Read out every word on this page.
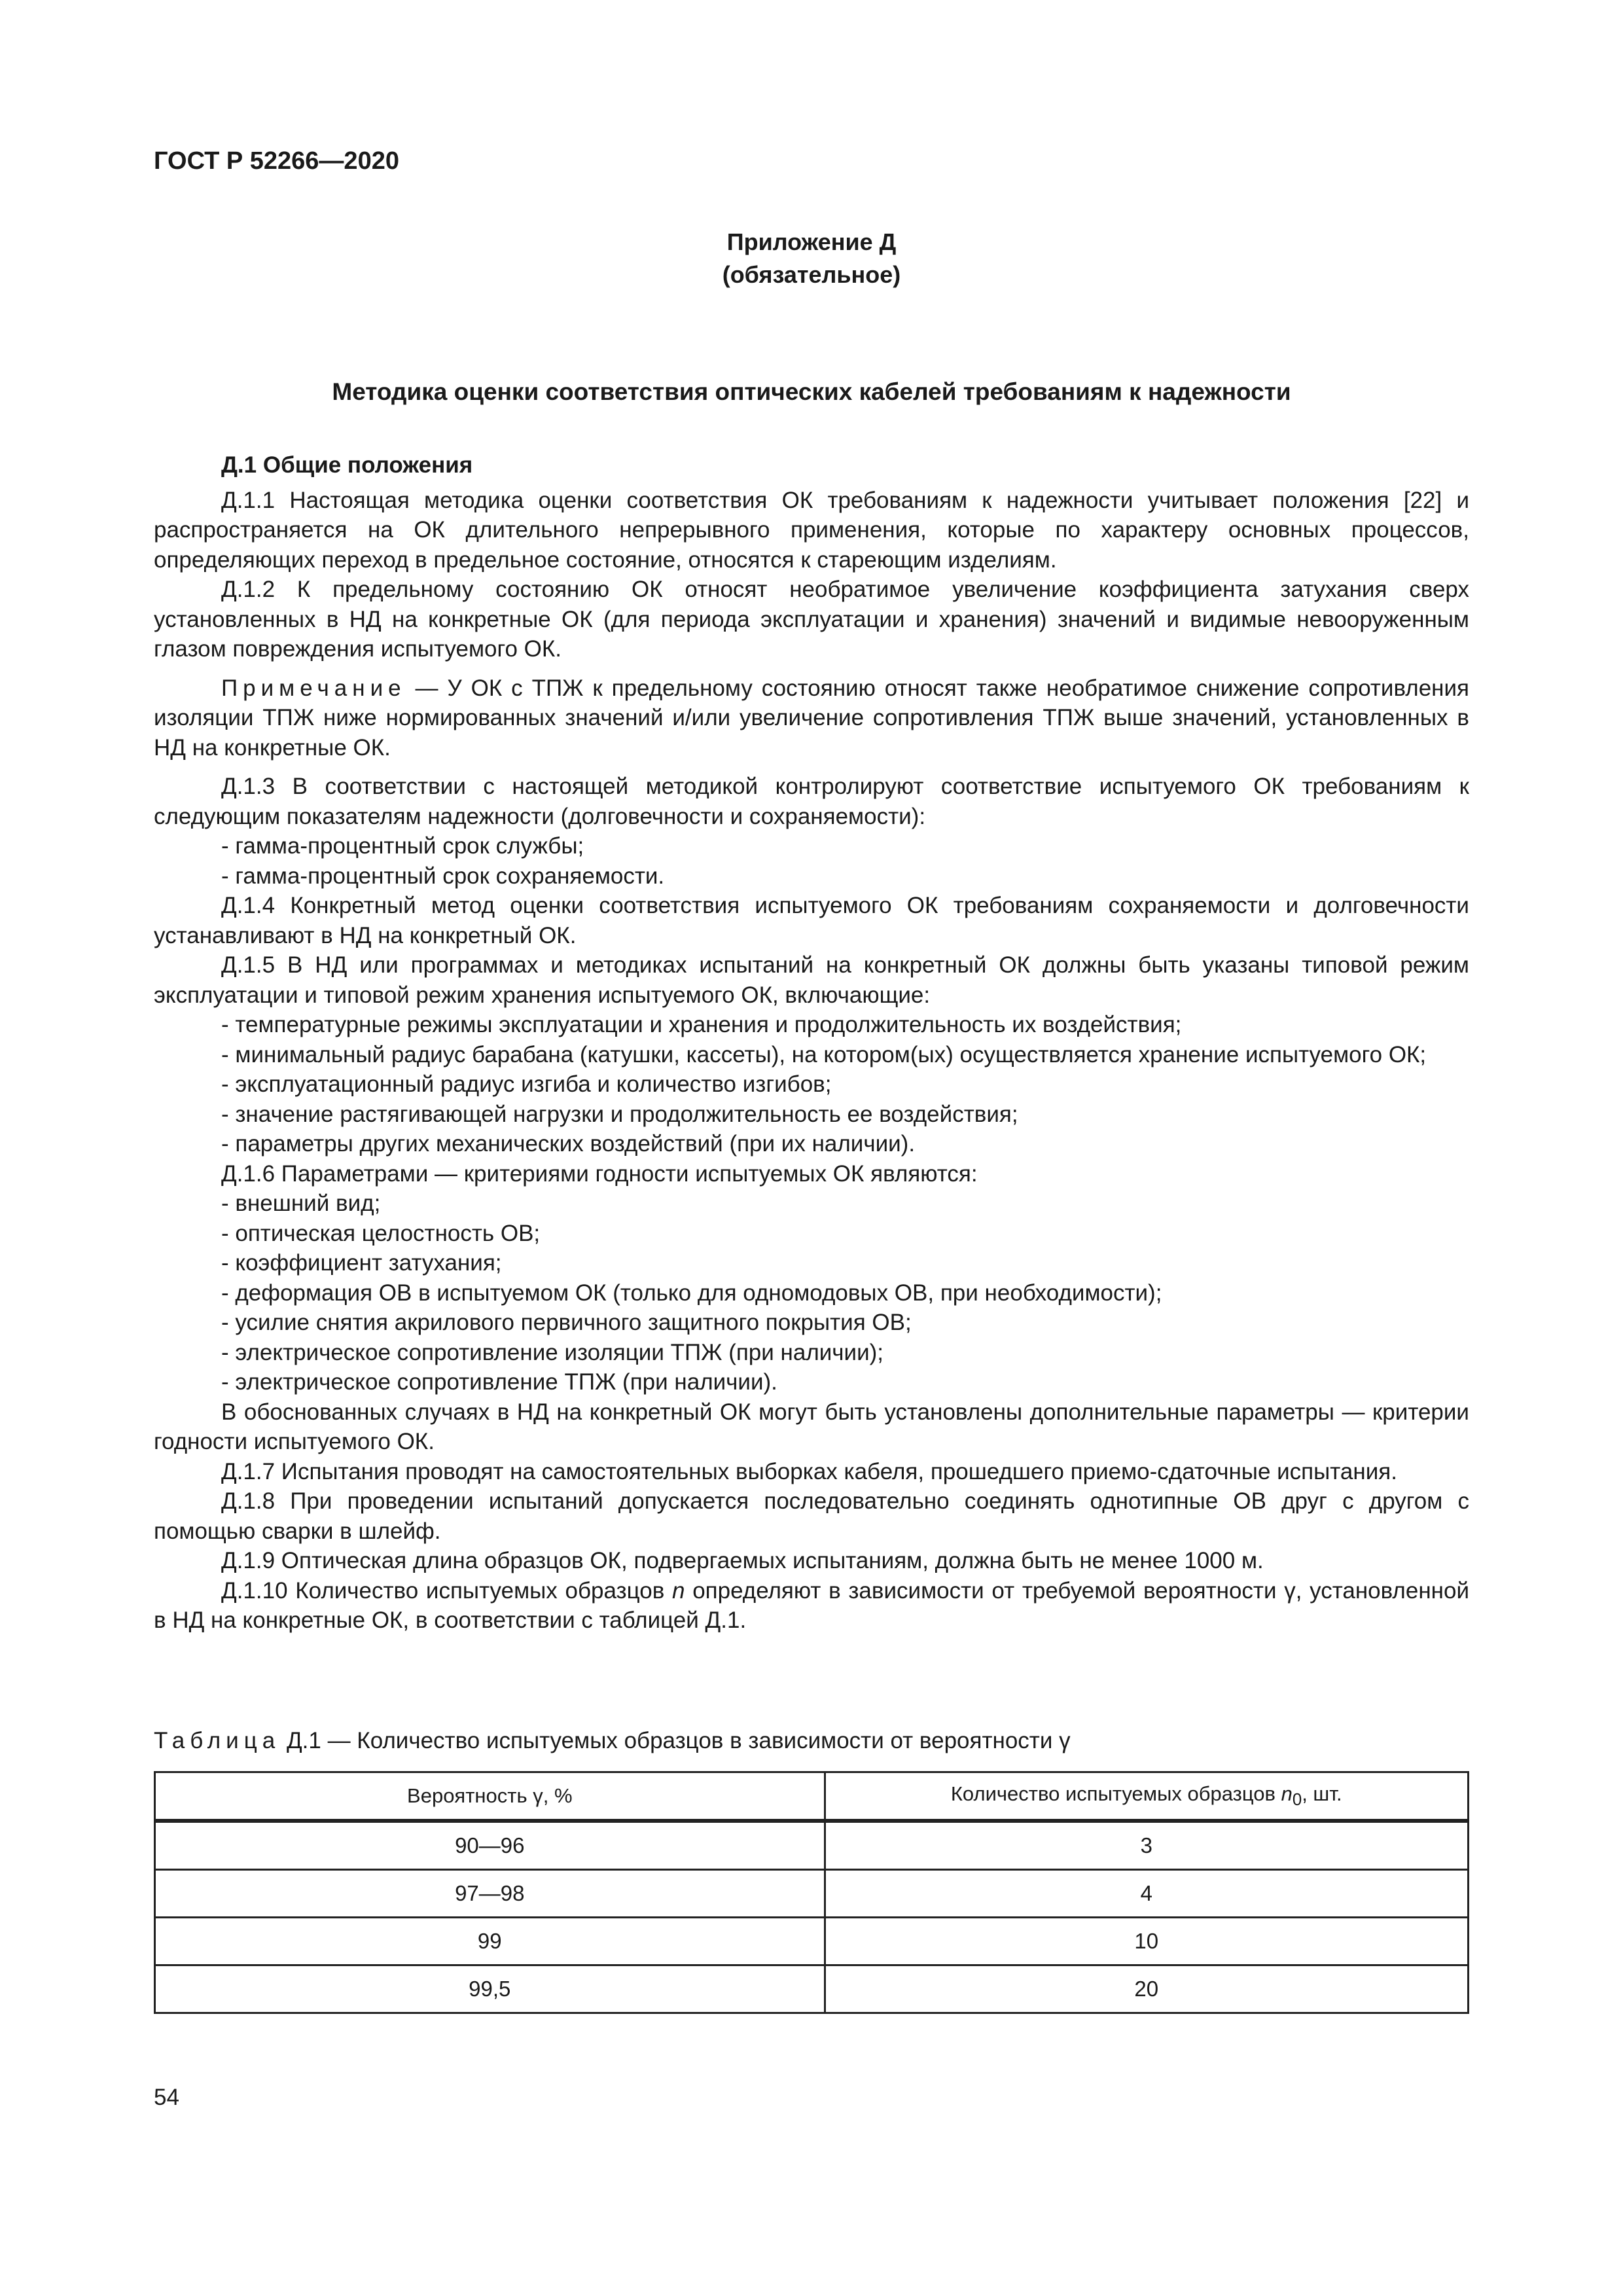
ГОСТ Р 52266—2020
Приложение Д
(обязательное)
Методика оценки соответствия оптических кабелей требованиям к надежности

Д.1 Общие положения

Д.1.1 Настоящая методика оценки соответствия ОК требованиям к надежности учитывает положения [22] и распространяется на ОК длительного непрерывного применения, которые по характеру основных процессов, определяющих переход в предельное состояние, относятся к стареющим изделиям.

Д.1.2 К предельному состоянию ОК относят необратимое увеличение коэффициента затухания сверх установленных в НД на конкретные ОК (для периода эксплуатации и хранения) значений и видимые невооруженным глазом повреждения испытуемого ОК.

Примечание — У ОК с ТПЖ к предельному состоянию относят также необратимое снижение сопротивления изоляции ТПЖ ниже нормированных значений и/или увеличение сопротивления ТПЖ выше значений, установленных в НД на конкретные ОК.

Д.1.3 В соответствии с настоящей методикой контролируют соответствие испытуемого ОК требованиям к следующим показателям надежности (долговечности и сохраняемости):

- гамма-процентный срок службы;

- гамма-процентный срок сохраняемости.

Д.1.4 Конкретный метод оценки соответствия испытуемого ОК требованиям сохраняемости и долговечности устанавливают в НД на конкретный ОК.

Д.1.5 В НД или программах и методиках испытаний на конкретный ОК должны быть указаны типовой режим эксплуатации и типовой режим хранения испытуемого ОК, включающие:

- температурные режимы эксплуатации и хранения и продолжительность их воздействия;

- минимальный радиус барабана (катушки, кассеты), на котором(ых) осуществляется хранение испытуемого ОК;

- эксплуатационный радиус изгиба и количество изгибов;

- значение растягивающей нагрузки и продолжительность ее воздействия;

- параметры других механических воздействий (при их наличии).

Д.1.6 Параметрами — критериями годности испытуемых ОК являются:

- внешний вид;

- оптическая целостность ОВ;

- коэффициент затухания;

- деформация ОВ в испытуемом ОК (только для одномодовых ОВ, при необходимости);

- усилие снятия акрилового первичного защитного покрытия ОВ;

- электрическое сопротивление изоляции ТПЖ (при наличии);

- электрическое сопротивление ТПЖ (при наличии).

В обоснованных случаях в НД на конкретный ОК могут быть установлены дополнительные параметры — критерии годности испытуемого ОК.

Д.1.7 Испытания проводят на самостоятельных выборках кабеля, прошедшего приемо-сдаточные испытания.

Д.1.8 При проведении испытаний допускается последовательно соединять однотипные ОВ друг с другом с помощью сварки в шлейф.

Д.1.9 Оптическая длина образцов ОК, подвергаемых испытаниям, должна быть не менее 1000 м.

Д.1.10 Количество испытуемых образцов n определяют в зависимости от требуемой вероятности γ, установленной в НД на конкретные ОК, в соответствии с таблицей Д.1.

Таблица Д.1 — Количество испытуемых образцов в зависимости от вероятности γ
Вероятность γ, %	Количество испытуемых образцов $n_0$, шт.
90—96	3
97—98	4
99	10
99,5	20
54
